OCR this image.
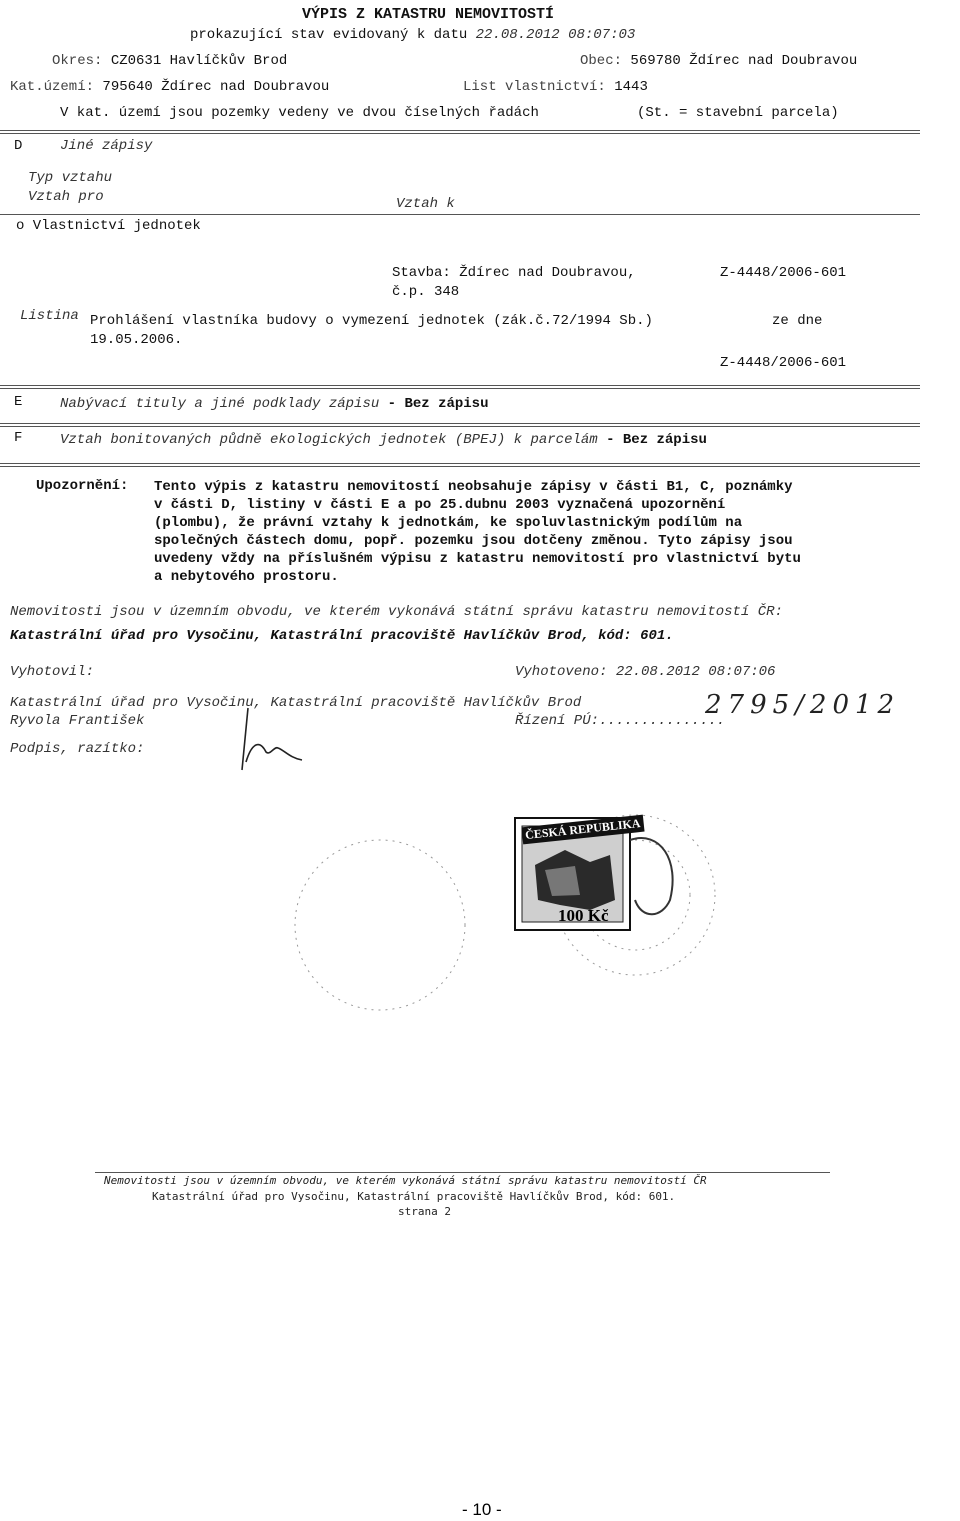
VÝPIS Z KATASTRU NEMOVITOSTÍ
prokazující stav evidovaný k datu 22.08.2012 08:07:03
Okres: CZ0631 Havlíčkův Brod	Obec: 569780 Ždírec nad Doubravou
Kat.území: 795640 Ždírec nad Doubravou	List vlastnictví: 1443
V kat. území jsou pozemky vedeny ve dvou číselných řadách	(St. = stavební parcela)
D	Jiné zápisy
Typ vztahu
Vztah pro	Vztah k
o Vlastnictví jednotek
Stavba: Ždírec nad Doubravou,
č.p. 348
Z-4448/2006-601
Listina Prohlášení vlastníka budovy o vymezení jednotek (zák.č.72/1994 Sb.)	ze dne
19.05.2006.
Z-4448/2006-601
E	Nabývací tituly a jiné podklady zápisu - Bez zápisu
F	Vztah bonitovaných půdně ekologických jednotek (BPEJ) k parcelám - Bez zápisu
Upozornění: Tento výpis z katastru nemovitostí neobsahuje zápisy v části B1, C, poznámky
v části D, listiny v části E a po 25.dubnu 2003 vyznačená upozornění
(plombu), že právní vztahy k jednotkám, ke spoluvlastnickým podílům na
společných částech domu, popř. pozemku jsou dotčeny změnou. Tyto zápisy jsou
uvedeny vždy na příslušném výpisu z katastru nemovitostí pro vlastnictví bytu
a nebytového prostoru.
Nemovitosti jsou v územním obvodu, ve kterém vykonává státní správu katastru nemovitostí ČR:
Katastrální úřad pro Vysočinu, Katastrální pracoviště Havlíčkův Brod, kód: 601.
Vyhotovil:	Vyhotoveno: 22.08.2012 08:07:06
Katastrální úřad pro Vysočinu, Katastrální pracoviště Havlíčkův Brod
Ryvola František	Řízení PÚ:...............
2795/2012
Podpis, razítko:
ČESKÁ REPUBLIKA
100 Kč
Nemovitosti jsou v územním obvodu, ve kterém vykonává státní správu katastru nemovitostí ČR
Katastrální úřad pro Vysočinu, Katastrální pracoviště Havlíčkův Brod, kód: 601.
strana 2
- 10 -
